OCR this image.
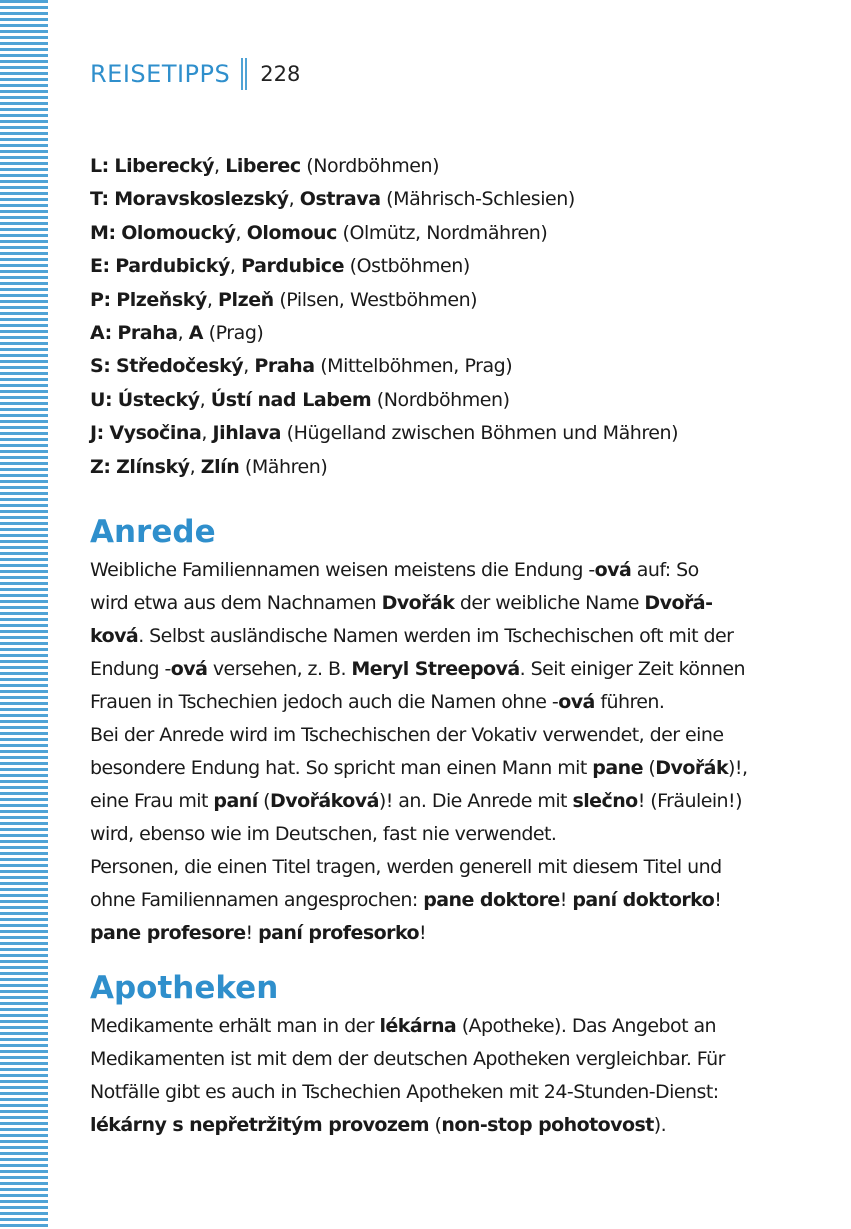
REISETIPPS 228
L: Liberecký, Liberec (Nordböhmen)
T: Moravskoslezský, Ostrava (Mährisch-Schlesien)
M: Olomoucký, Olomouc (Olmütz, Nordmähren)
E: Pardubický, Pardubice (Ostböhmen)
P: Plzeňský, Plzeň (Pilsen, Westböhmen)
A: Praha, A (Prag)
S: Středočeský, Praha (Mittelböhmen, Prag)
U: Ústecký, Ústí nad Labem (Nordböhmen)
J: Vysočina, Jihlava (Hügelland zwischen Böhmen und Mähren)
Z: Zlínský, Zlín (Mähren)
Anrede

Weibliche Familiennamen weisen meistens die Endung -ová auf: So
wird etwa aus dem Nachnamen Dvořák der weibliche Name Dvořá-
ková. Selbst ausländische Namen werden im Tschechischen oft mit der
Endung -ová versehen, z. B. Meryl Streepová. Seit einiger Zeit können
Frauen in Tschechien jedoch auch die Namen ohne -ová führen.
Bei der Anrede wird im Tschechischen der Vokativ verwendet, der eine
besondere Endung hat. So spricht man einen Mann mit pane (Dvořák)!,
eine Frau mit paní (Dvořáková)! an. Die Anrede mit slečno! (Fräulein!)
wird, ebenso wie im Deutschen, fast nie verwendet.
Personen, die einen Titel tragen, werden generell mit diesem Titel und
ohne Familiennamen angesprochen: pane doktore! paní doktorko!
pane profesore! paní profesorko!

Apotheken

Medikamente erhält man in der lékárna (Apotheke). Das Angebot an
Medikamenten ist mit dem der deutschen Apotheken vergleichbar. Für
Notfälle gibt es auch in Tschechien Apotheken mit 24-Stunden-Dienst:
lékárny s nepřetržitým provozem (non-stop pohotovost).
